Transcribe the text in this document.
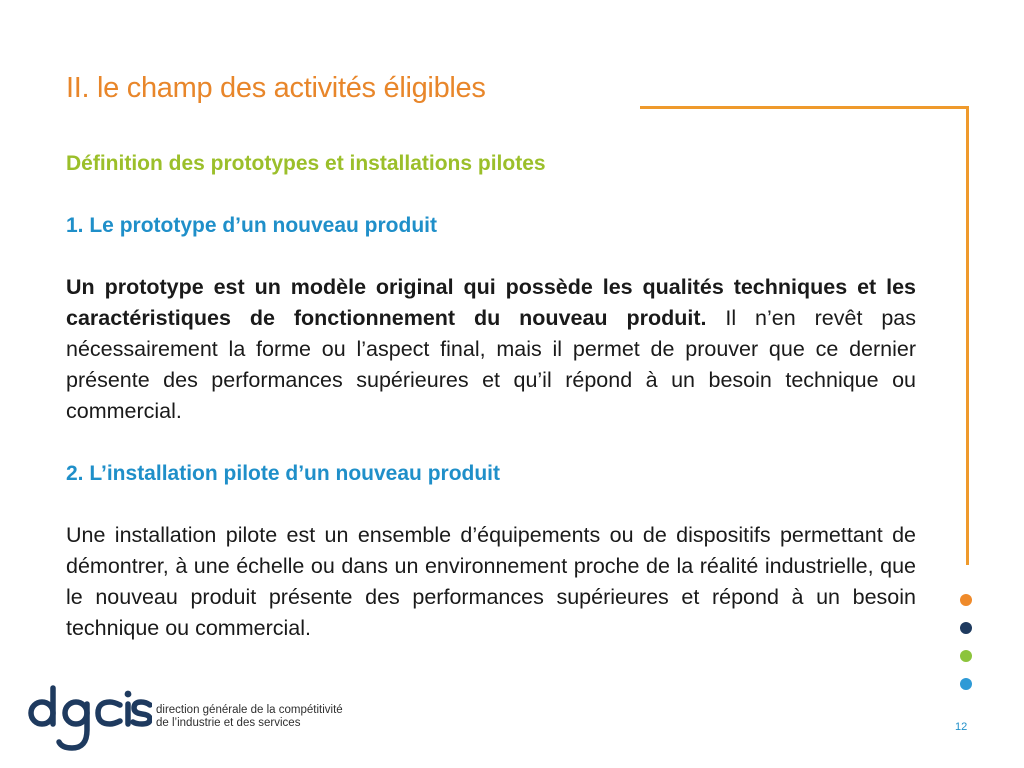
II. le champ des activités éligibles
Définition des prototypes et installations pilotes
1. Le prototype d’un nouveau produit
Un prototype est un modèle original qui possède les qualités techniques et les caractéristiques de fonctionnement du nouveau produit. Il n’en revêt pas nécessairement la forme ou l’aspect final, mais il permet de prouver que ce dernier présente des performances supérieures et qu’il répond à un besoin technique ou commercial.
2. L’installation pilote d’un nouveau produit
Une installation pilote est un ensemble d’équipements ou de dispositifs permettant de démontrer, à une échelle ou dans un environnement proche de la réalité industrielle, que le nouveau produit présente des performances supérieures et répond à un besoin technique ou commercial.
direction générale de la compétitivité
de l’industrie et des services	12
